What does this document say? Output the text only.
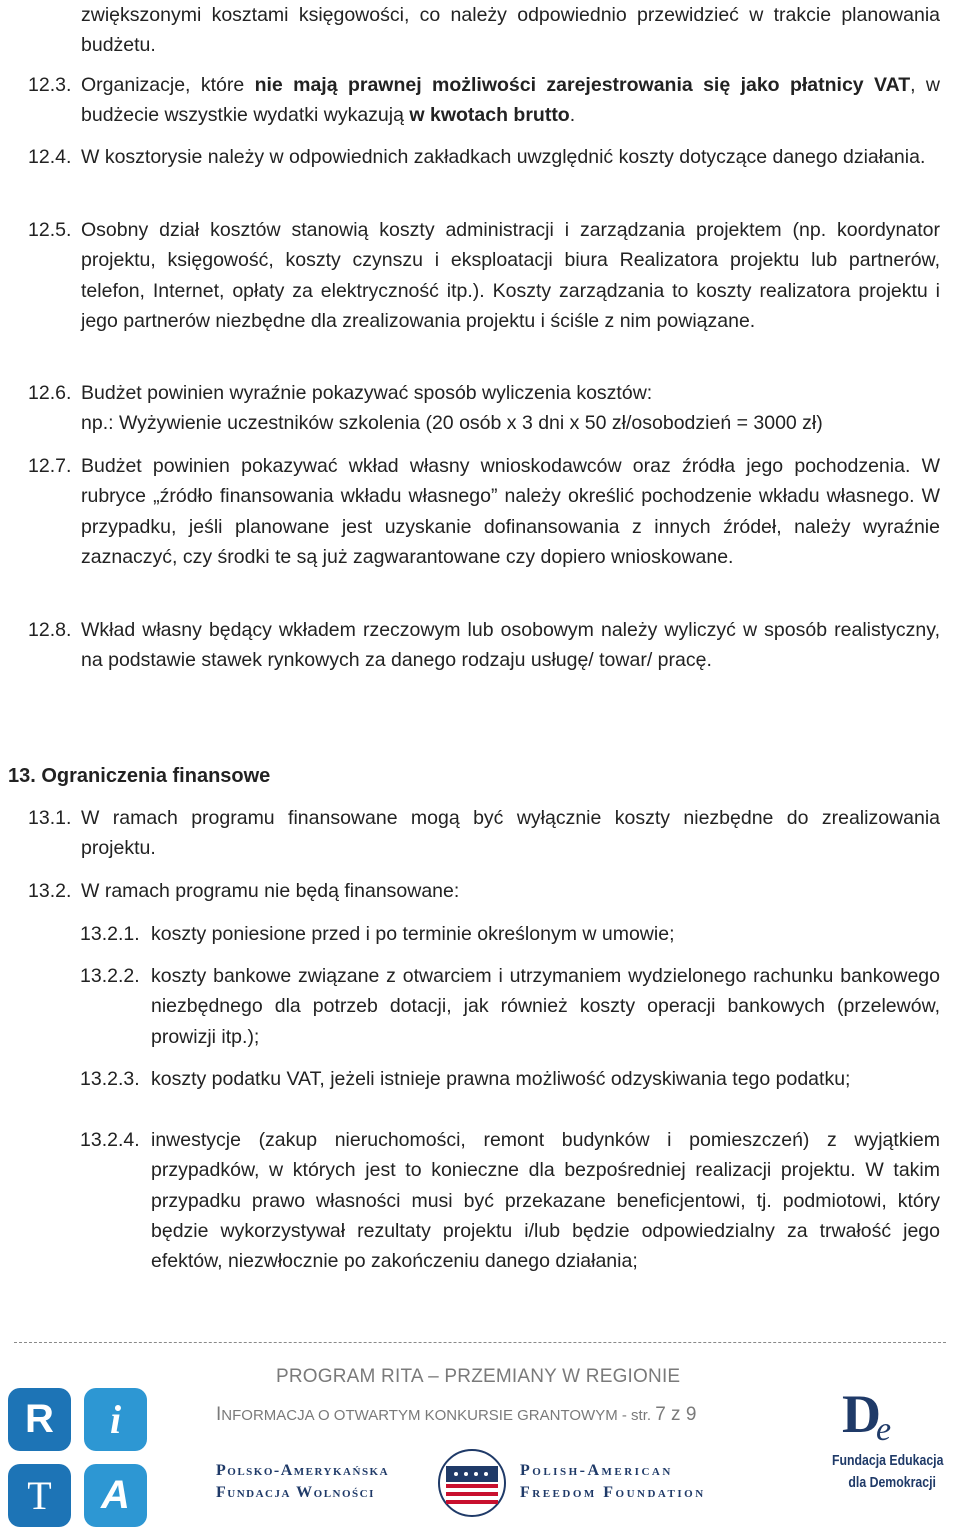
zwiększonymi kosztami księgowości, co należy odpowiednio przewidzieć w trakcie planowania budżetu.
12.3. Organizacje, które nie mają prawnej możliwości zarejestrowania się jako płatnicy VAT, w budżecie wszystkie wydatki wykazują w kwotach brutto.
12.4. W kosztorysie należy w odpowiednich zakładkach uwzględnić koszty dotyczące danego działania.
12.5. Osobny dział kosztów stanowią koszty administracji i zarządzania projektem (np. koordynator projektu, księgowość, koszty czynszu i eksploatacji biura Realizatora projektu lub partnerów, telefon, Internet, opłaty za elektryczność itp.). Koszty zarządzania to koszty realizatora projektu i jego partnerów niezbędne dla zrealizowania projektu i ściśle z nim powiązane.
12.6. Budżet powinien wyraźnie pokazywać sposób wyliczenia kosztów:
np.: Wyżywienie uczestników szkolenia (20 osób x 3 dni x 50 zł/osobodzień = 3000 zł)
12.7. Budżet powinien pokazywać wkład własny wnioskodawców oraz źródła jego pochodzenia. W rubryce „źródło finansowania wkładu własnego” należy określić pochodzenie wkładu własnego. W przypadku, jeśli planowane jest uzyskanie dofinansowania z innych źródeł, należy wyraźnie zaznaczyć, czy środki te są już zagwarantowane czy dopiero wnioskowane.
12.8. Wkład własny będący wkładem rzeczowym lub osobowym należy wyliczyć w sposób realistyczny, na podstawie stawek rynkowych za danego rodzaju usługę/ towar/ pracę.
13. Ograniczenia finansowe
13.1. W ramach programu finansowane mogą być wyłącznie koszty niezbędne do zrealizowania projektu.
13.2. W ramach programu nie będą finansowane:
13.2.1. koszty poniesione przed i po terminie określonym w umowie;
13.2.2. koszty bankowe związane z otwarciem i utrzymaniem wydzielonego rachunku bankowego niezbędnego dla potrzeb dotacji, jak również koszty operacji bankowych (przelewów, prowizji itp.);
13.2.3. koszty podatku VAT, jeżeli istnieje prawna możliwość odzyskiwania tego podatku;
13.2.4. inwestycje (zakup nieruchomości, remont budynków i pomieszczeń) z wyjątkiem przypadków, w których jest to konieczne dla bezpośredniej realizacji projektu. W takim przypadku prawo własności musi być przekazane beneficjentowi, tj. podmiotowi, który będzie wykorzystywał rezultaty projektu i/lub będzie odpowiedzialny za trwałość jego efektów, niezwłocznie po zakończeniu danego działania;
R	i
T	A
PROGRAM RITA – PRZEMIANY W REGIONIE
INFORMACJA O OTWARTYM KONKURSIE GRANTOWYM - str. 7 z 9
Polsko-Amerykańska
Fundacja Wolności
Polish-American
Freedom Foundation
D
e
Fundacja Edukacja
dla Demokracji
